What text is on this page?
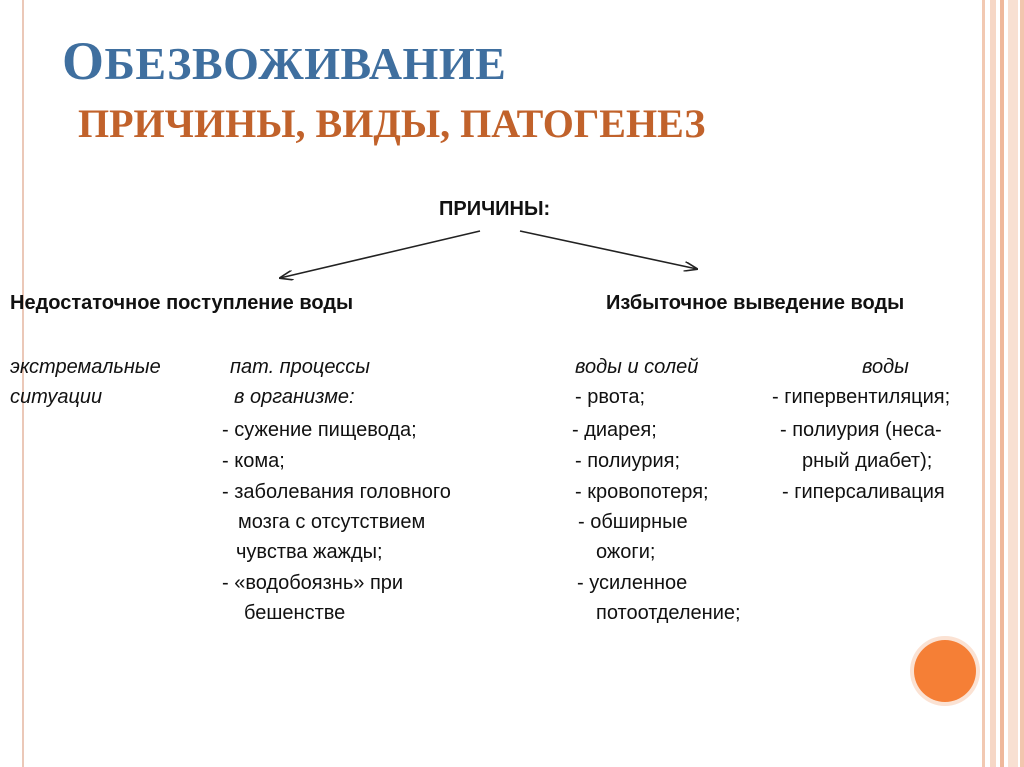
ОБЕЗВОЖИВАНИЕ
ПРИЧИНЫ, ВИДЫ, ПАТОГЕНЕЗ
ПРИЧИНЫ:
Недостаточное поступление воды	Избыточное выведение воды
экстремальные
ситуации
пат. процессы
в организме:
- сужение пищевода;
- кома;
- заболевания головного
мозга с отсутствием
чувства жажды;
- «водобоязнь» при
бешенстве
воды и солей
- рвота;
- диарея;
- полиурия;
- кровопотеря;
- обширные
ожоги;
- усиленное
потоотделение;
воды
- гипервентиляция;
- полиурия (неса-
рный диабет);
- гиперсаливация
